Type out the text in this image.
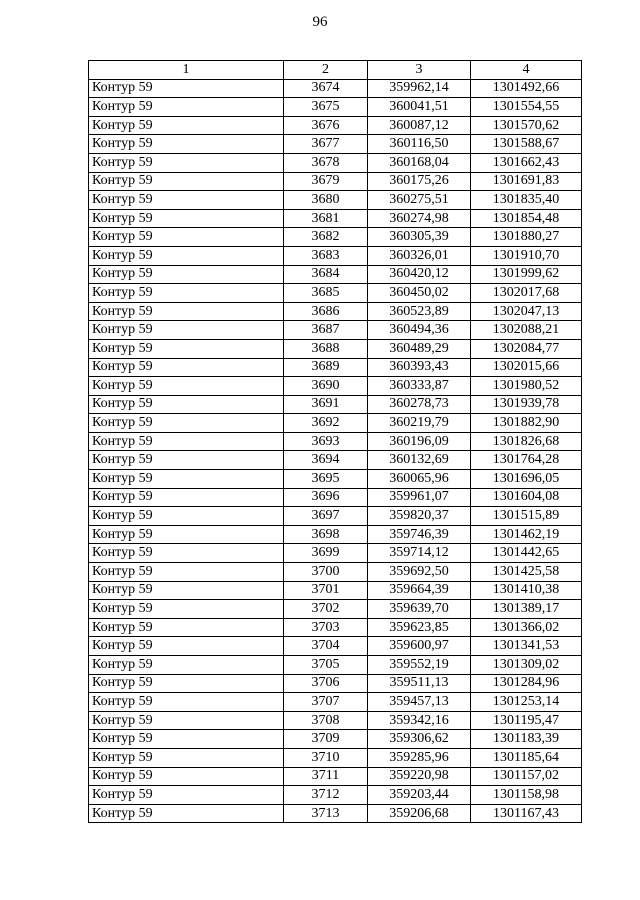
96
1	2	3	4
Контур 59	3674	359962,14	1301492,66
Контур 59	3675	360041,51	1301554,55
Контур 59	3676	360087,12	1301570,62
Контур 59	3677	360116,50	1301588,67
Контур 59	3678	360168,04	1301662,43
Контур 59	3679	360175,26	1301691,83
Контур 59	3680	360275,51	1301835,40
Контур 59	3681	360274,98	1301854,48
Контур 59	3682	360305,39	1301880,27
Контур 59	3683	360326,01	1301910,70
Контур 59	3684	360420,12	1301999,62
Контур 59	3685	360450,02	1302017,68
Контур 59	3686	360523,89	1302047,13
Контур 59	3687	360494,36	1302088,21
Контур 59	3688	360489,29	1302084,77
Контур 59	3689	360393,43	1302015,66
Контур 59	3690	360333,87	1301980,52
Контур 59	3691	360278,73	1301939,78
Контур 59	3692	360219,79	1301882,90
Контур 59	3693	360196,09	1301826,68
Контур 59	3694	360132,69	1301764,28
Контур 59	3695	360065,96	1301696,05
Контур 59	3696	359961,07	1301604,08
Контур 59	3697	359820,37	1301515,89
Контур 59	3698	359746,39	1301462,19
Контур 59	3699	359714,12	1301442,65
Контур 59	3700	359692,50	1301425,58
Контур 59	3701	359664,39	1301410,38
Контур 59	3702	359639,70	1301389,17
Контур 59	3703	359623,85	1301366,02
Контур 59	3704	359600,97	1301341,53
Контур 59	3705	359552,19	1301309,02
Контур 59	3706	359511,13	1301284,96
Контур 59	3707	359457,13	1301253,14
Контур 59	3708	359342,16	1301195,47
Контур 59	3709	359306,62	1301183,39
Контур 59	3710	359285,96	1301185,64
Контур 59	3711	359220,98	1301157,02
Контур 59	3712	359203,44	1301158,98
Контур 59	3713	359206,68	1301167,43
